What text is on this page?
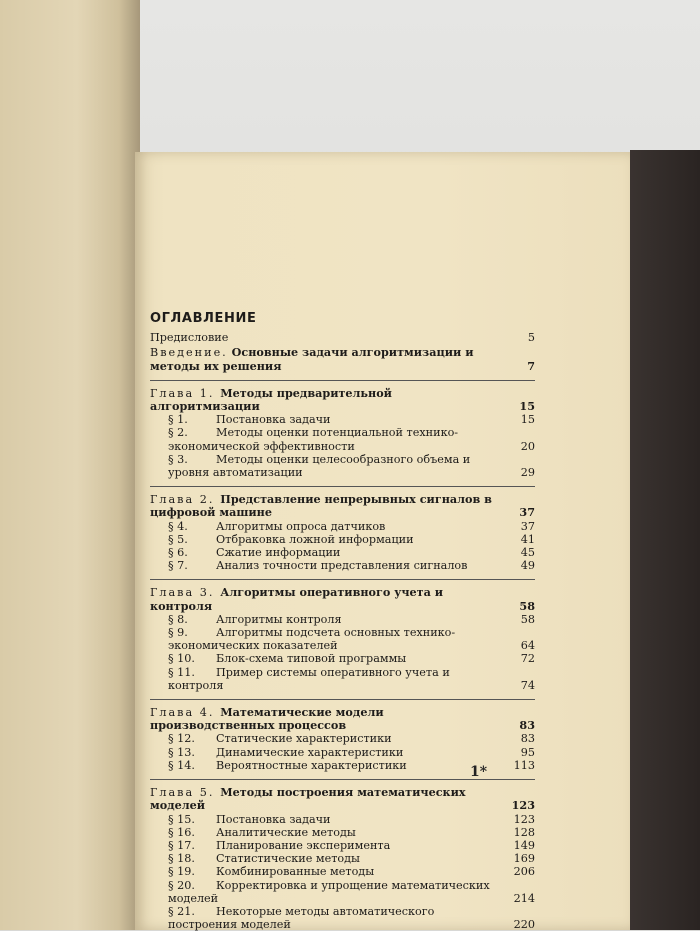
ОГЛАВЛЕНИЕ
Предисловие	5
Введение. Основные задачи алгоритмизации и методы их решения	7
Глава 1. Методы предварительной алгоритмизации	15
§ 1.	Постановка задачи	15
§ 2.	Методы оценки потенциальной технико-экономической эффективности	20
§ 3.	Методы оценки целесообразного объема и уровня автоматизации	29
Глава 2. Представление непрерывных сигналов в цифровой машине	37
§ 4.	Алгоритмы опроса датчиков	37
§ 5.	Отбраковка ложной информации	41
§ 6.	Сжатие информации	45
§ 7.	Анализ точности представления сигналов	49
Глава 3. Алгоритмы оперативного учета и контроля	58
§ 8.	Алгоритмы контроля	58
§ 9.	Алгоритмы подсчета основных технико-экономических показателей	64
§ 10. Блок-схема типовой программы	72
§ 11. Пример системы оперативного учета и контроля	74
Глава 4. Математические модели производственных процессов	83
§ 12. Статические характеристики	83
§ 13. Динамические характеристики	95
§ 14. Вероятностные характеристики	113
Глава 5. Методы построения математических моделей	123
§ 15. Постановка задачи	123
§ 16. Аналитические методы	128
§ 17. Планирование эксперимента	149
§ 18. Статистические методы	169
§ 19. Комбинированные методы	206
§ 20. Корректировка и упрощение математических моделей	214
§ 21. Некоторые методы автоматического построения моделей	220
1*
